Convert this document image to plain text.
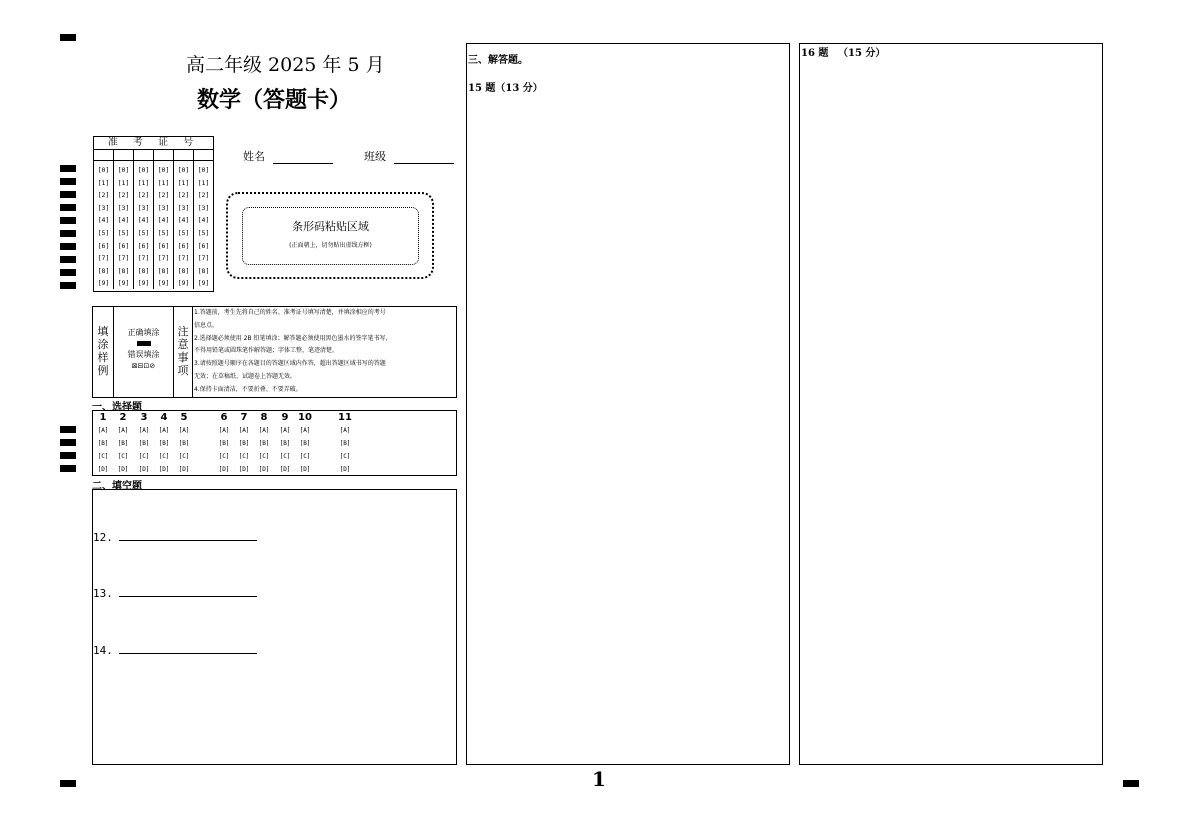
高二年级 2025 年 5 月
数学（答题卡）
准 考 证 号
[0]
[1]
[2]
[3]
[4]
[5]
[6]
[7]
[8]
[9]
[0]
[1]
[2]
[3]
[4]
[5]
[6]
[7]
[8]
[9]
[0]
[1]
[2]
[3]
[4]
[5]
[6]
[7]
[8]
[9]
[0]
[1]
[2]
[3]
[4]
[5]
[6]
[7]
[8]
[9]
[0]
[1]
[2]
[3]
[4]
[5]
[6]
[7]
[8]
[9]
[0]
[1]
[2]
[3]
[4]
[5]
[6]
[7]
[8]
[9]
姓名	班级
条形码粘贴区域
(正面朝上，切勿贴出虚线方框)
填涂样例
正确填涂
错误填涂
⊠⊟⊡⊘
注意事项
1.答题前，考生先将自己的姓名、准考证号填写清楚，并填涂相应的考号
信息点。
2.选择题必须使用 2B 铅笔填涂；解答题必须使用黑色墨水的签字笔书写,
不得用铅笔或圆珠笔作解答题；字体工整、笔迹清楚。
3.请按照题号顺序在各题目的答题区域内作答，超出答题区域书写的答题
无效；在草稿纸、试题卷上答题无效。
4.保持卡面清洁，不要折叠、不要弄破。
一、选择题
1
[A]
[B]
[C]
[D]
2
[A]
[B]
[C]
[D]
3
[A]
[B]
[C]
[D]
4
[A]
[B]
[C]
[D]
5
[A]
[B]
[C]
[D]
6
[A]
[B]
[C]
[D]
7
[A]
[B]
[C]
[D]
8
[A]
[B]
[C]
[D]
9
[A]
[B]
[C]
[D]
10
[A]
[B]
[C]
[D]
11
[A]
[B]
[C]
[D]
二、填空题
12.
13.
14.
三、解答题。
15 题（13 分）
16 题 （15 分）
1
